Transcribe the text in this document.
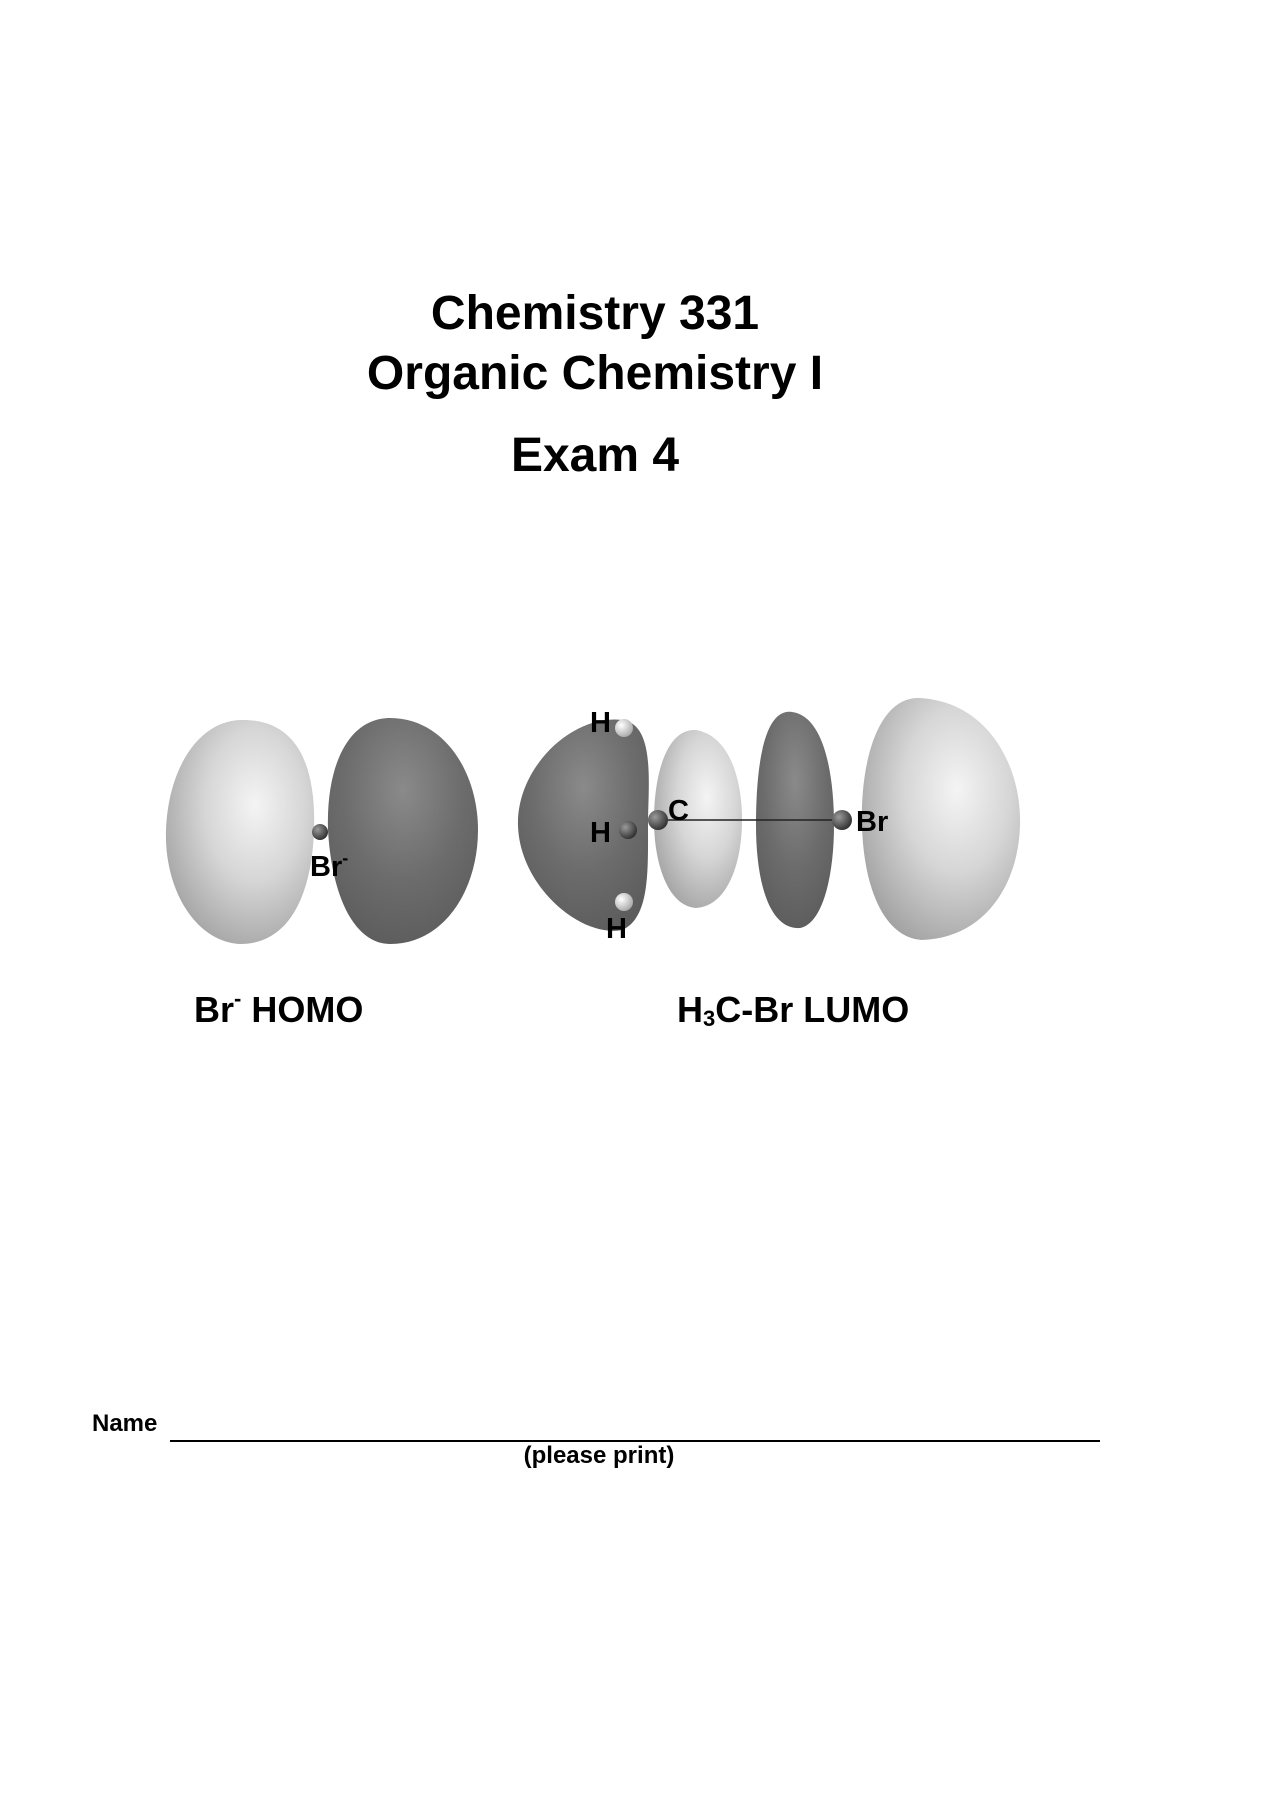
Chemistry 331
Organic Chemistry I
Exam 4
Br-
H
H
H
C	Br
Br- HOMO	$H_3C-Br$ LUMO
Name
(please print)
